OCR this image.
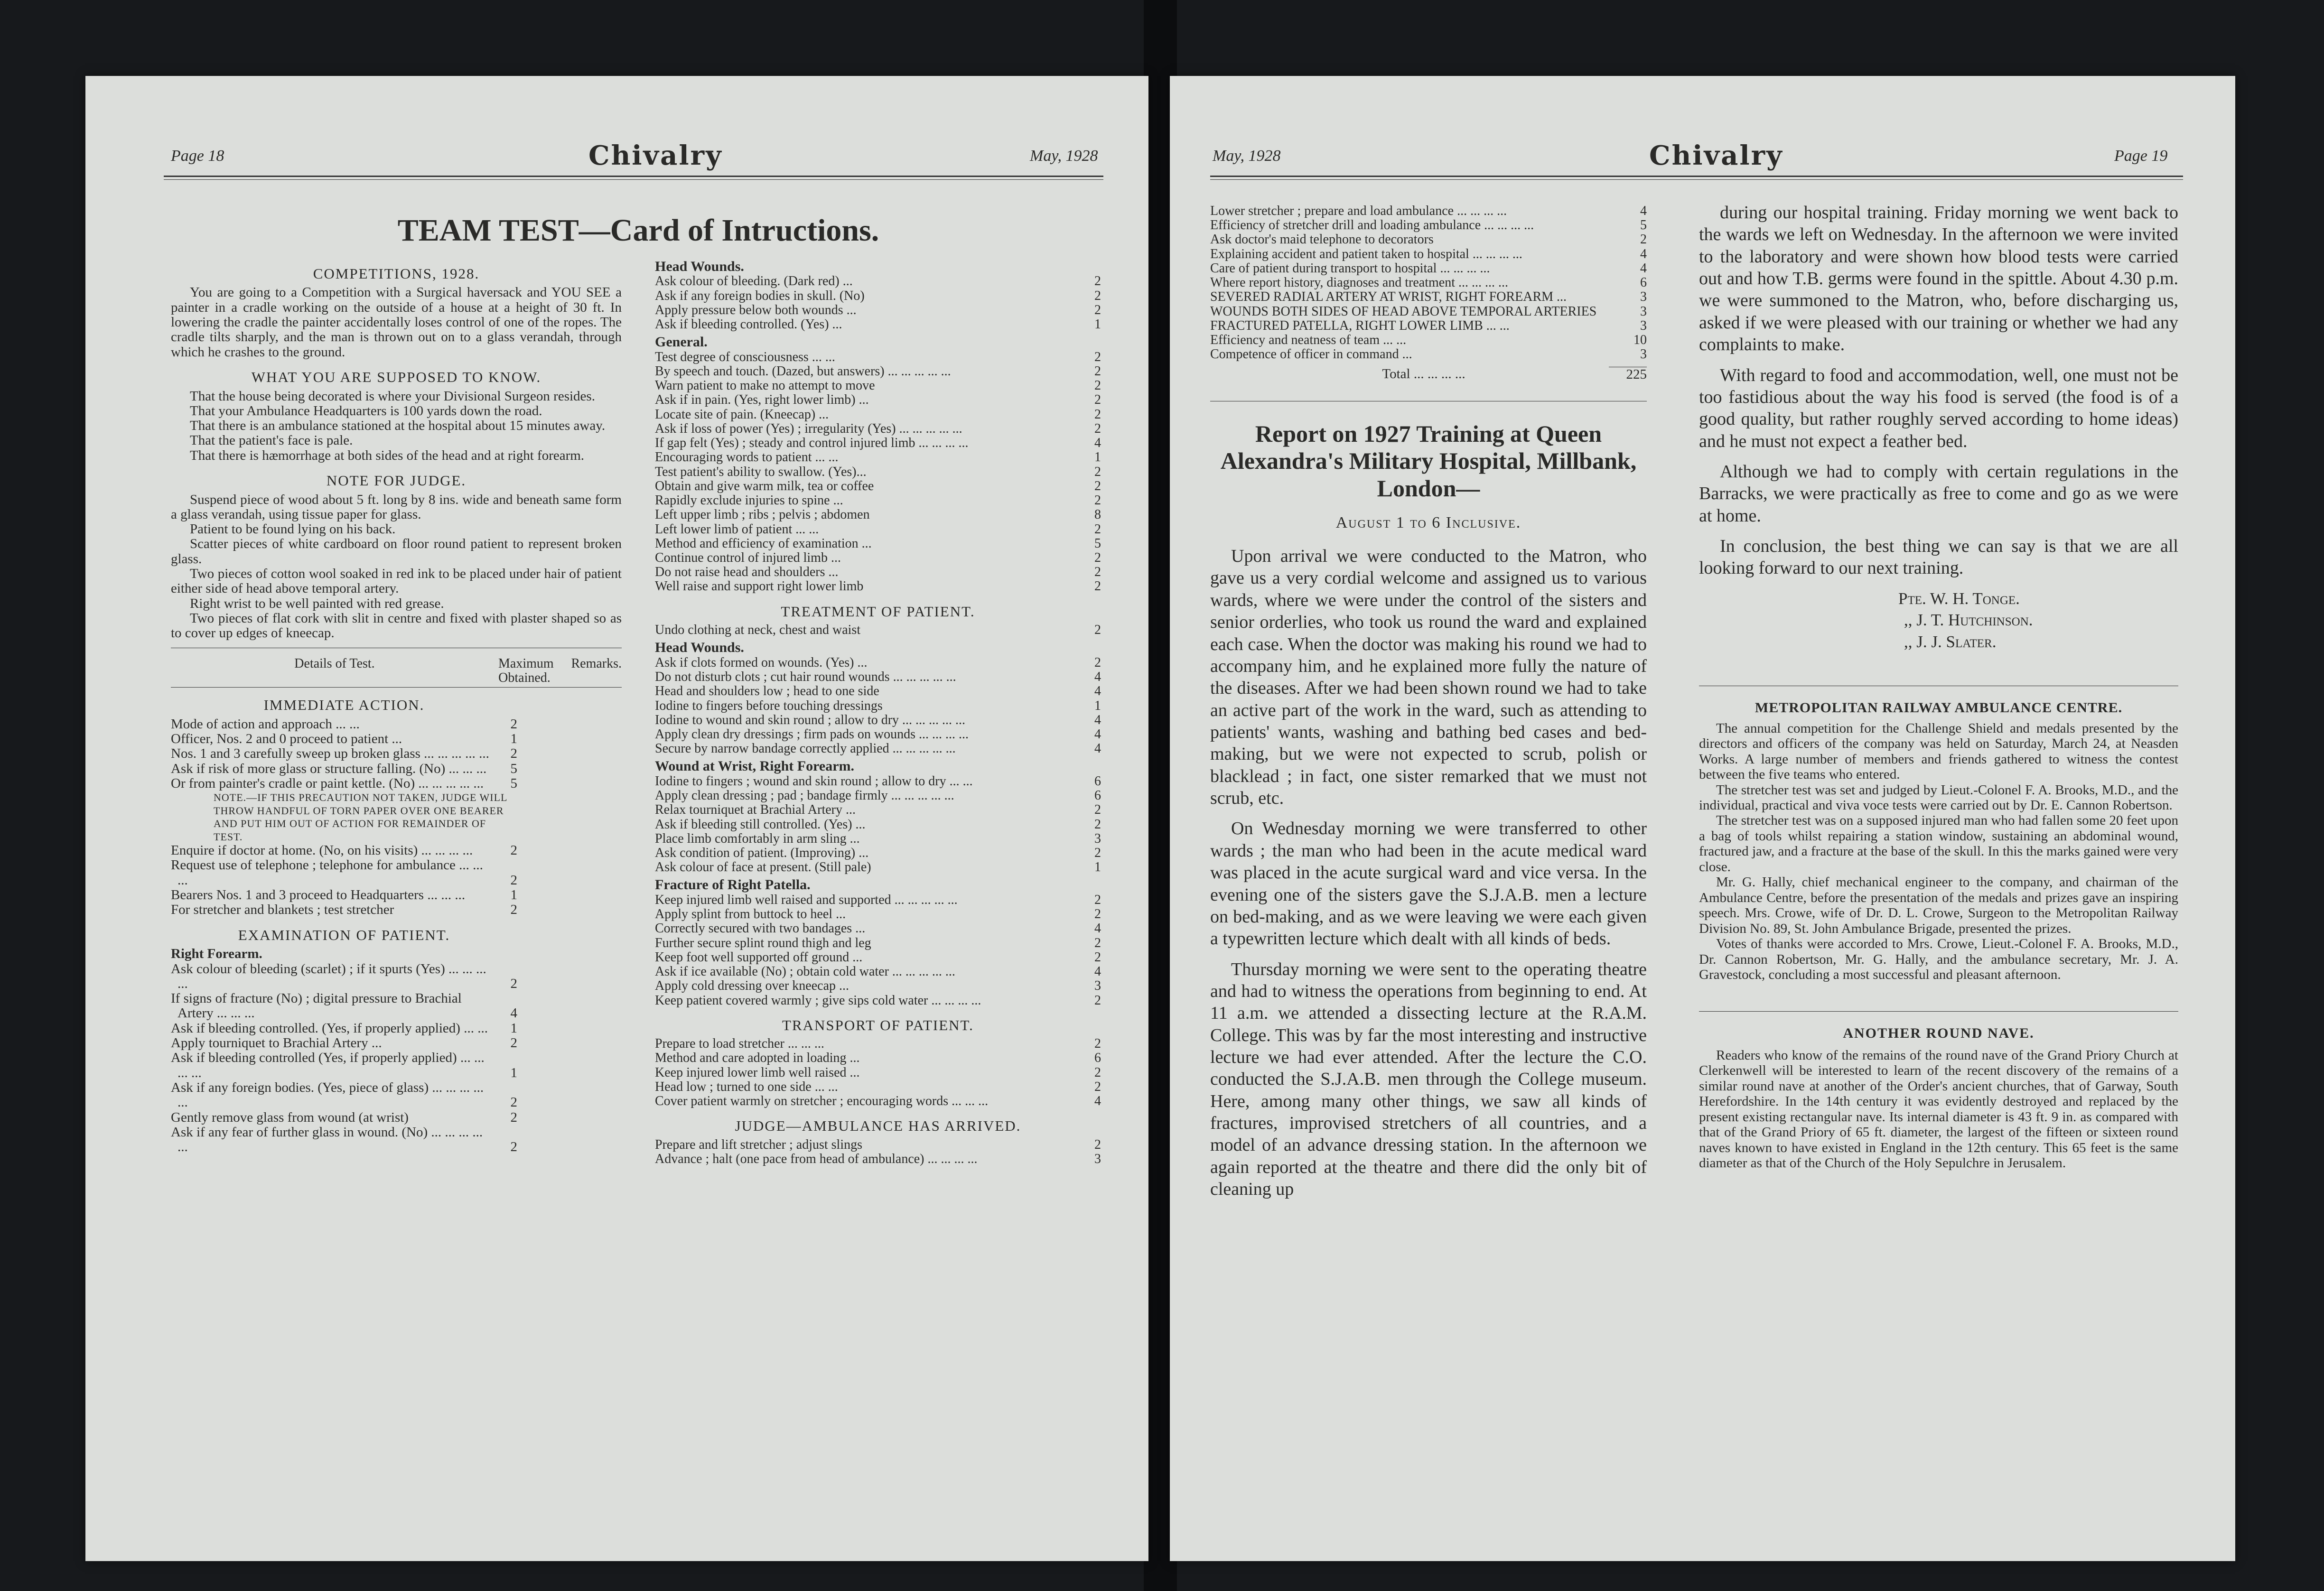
Page 18	Chivalry	May, 1928
TEAM TEST—Card of Intructions.
COMPETITIONS, 1928.

You are going to a Competition with a Surgical haversack and YOU SEE a painter in a cradle working on the outside of a house at a height of 30 ft. In lowering the cradle the painter accidentally loses control of one of the ropes. The cradle tilts sharply, and the man is thrown out on to a glass verandah, through which he crashes to the ground.

WHAT YOU ARE SUPPOSED TO KNOW.

That the house being decorated is where your Divisional Surgeon resides.

That your Ambulance Headquarters is 100 yards down the road.

That there is an ambulance stationed at the hospital about 15 minutes away.

That the patient's face is pale.

That there is hæmorrhage at both sides of the head and at right forearm.

NOTE FOR JUDGE.

Suspend piece of wood about 5 ft. long by 8 ins. wide and beneath same form a glass verandah, using tissue paper for glass.

Patient to be found lying on his back.

Scatter pieces of white cardboard on floor round patient to represent broken glass.

Two pieces of cotton wool soaked in red ink to be placed under hair of patient either side of head above temporal artery.

Right wrist to be well painted with red grease.

Two pieces of flat cork with slit in centre and fixed with plaster shaped so as to cover up edges of kneecap.

Details of Test.	Maximum Obtained.
Remarks.
IMMEDIATE ACTION.
Mode of action and approach ... ...	2
Officer, Nos. 2 and 0 proceed to patient ...	1
Nos. 1 and 3 carefully sweep up broken glass ... ... ... ... ...	2
Ask if risk of more glass or structure falling. (No) ... ... ...	5
Or from painter's cradle or paint kettle. (No) ... ... ... ... ...	5
NOTE.—IF THIS PRECAUTION NOT TAKEN, JUDGE WILL THROW HANDFUL OF TORN PAPER OVER ONE BEARER AND PUT HIM OUT OF ACTION FOR REMAINDER OF TEST.
Enquire if doctor at home. (No, on his visits) ... ... ... ...	2
Request use of telephone ; telephone for ambulance ... ... ...	2
Bearers Nos. 1 and 3 proceed to Headquarters ... ... ...	1
For stretcher and blankets ; test stretcher	2
EXAMINATION OF PATIENT.
Right Forearm.
Ask colour of bleeding (scarlet) ; if it spurts (Yes) ... ... ... ...	2
If signs of fracture (No) ; digital pressure to Brachial Artery ... ... ...	4
Ask if bleeding controlled. (Yes, if properly applied) ... ...	1
Apply tourniquet to Brachial Artery ...	2
Ask if bleeding controlled (Yes, if properly applied) ... ... ... ...	1
Ask if any foreign bodies. (Yes, piece of glass) ... ... ... ... ...	2
Gently remove glass from wound (at wrist)	2
Ask if any fear of further glass in wound. (No) ... ... ... ... ...	2
Head Wounds.
Ask colour of bleeding. (Dark red) ...	2
Ask if any foreign bodies in skull. (No)	2
Apply pressure below both wounds ...	2
Ask if bleeding controlled. (Yes) ...	1
General.
Test degree of consciousness ... ...	2
By speech and touch. (Dazed, but answers) ... ... ... ... ...	2
Warn patient to make no attempt to move	2
Ask if in pain. (Yes, right lower limb) ...	2
Locate site of pain. (Kneecap) ...	2
Ask if loss of power (Yes) ; irregularity (Yes) ... ... ... ... ...	2
If gap felt (Yes) ; steady and control injured limb ... ... ... ...	4
Encouraging words to patient ... ...	1
Test patient's ability to swallow. (Yes)...	2
Obtain and give warm milk, tea or coffee	2
Rapidly exclude injuries to spine ...	2
Left upper limb ; ribs ; pelvis ; abdomen	8
Left lower limb of patient ... ...	2
Method and efficiency of examination ...	5
Continue control of injured limb ...	2
Do not raise head and shoulders ...	2
Well raise and support right lower limb	2
TREATMENT OF PATIENT.
Undo clothing at neck, chest and waist	2
Head Wounds.
Ask if clots formed on wounds. (Yes) ...	2
Do not disturb clots ; cut hair round wounds ... ... ... ... ...	4
Head and shoulders low ; head to one side	4
Iodine to fingers before touching dressings	1
Iodine to wound and skin round ; allow to dry ... ... ... ... ...	4
Apply clean dry dressings ; firm pads on wounds ... ... ... ...	4
Secure by narrow bandage correctly applied ... ... ... ... ...	4
Wound at Wrist, Right Forearm.
Iodine to fingers ; wound and skin round ; allow to dry ... ...	6
Apply clean dressing ; pad ; bandage firmly ... ... ... ... ...	6
Relax tourniquet at Brachial Artery ...	2
Ask if bleeding still controlled. (Yes) ...	2
Place limb comfortably in arm sling ...	3
Ask condition of patient. (Improving) ...	2
Ask colour of face at present. (Still pale)	1
Fracture of Right Patella.
Keep injured limb well raised and supported ... ... ... ... ...	2
Apply splint from buttock to heel ...	2
Correctly secured with two bandages ...	4
Further secure splint round thigh and leg	2
Keep foot well supported off ground ...	2
Ask if ice available (No) ; obtain cold water ... ... ... ... ...	4
Apply cold dressing over kneecap ...	3
Keep patient covered warmly ; give sips cold water ... ... ... ...	2
TRANSPORT OF PATIENT.
Prepare to load stretcher ... ... ...	2
Method and care adopted in loading ...	6
Keep injured lower limb well raised ...	2
Head low ; turned to one side ... ...	2
Cover patient warmly on stretcher ; encouraging words ... ... ...	4
JUDGE—AMBULANCE HAS ARRIVED.
Prepare and lift stretcher ; adjust slings	2
Advance ; halt (one pace from head of ambulance) ... ... ... ...	3
May, 1928	Chivalry	Page 19
Lower stretcher ; prepare and load ambulance ... ... ... ...	4
Efficiency of stretcher drill and loading ambulance ... ... ... ...	5
Ask doctor's maid telephone to decorators	2
Explaining accident and patient taken to hospital ... ... ... ...	4
Care of patient during transport to hospital ... ... ... ...	4
Where report history, diagnoses and treatment ... ... ... ...	6
SEVERED RADIAL ARTERY AT WRIST, RIGHT FOREARM ...	3
WOUNDS BOTH SIDES OF HEAD ABOVE TEMPORAL ARTERIES	3
FRACTURED PATELLA, RIGHT LOWER LIMB ... ...	3
Efficiency and neatness of team ... ...	10
Competence of officer in command ...	3
Total ... ... ... ...	225
Report on 1927 Training at Queen Alexandra's Military Hospital, Millbank, London—
August 1 to 6 Inclusive.

Upon arrival we were conducted to the Matron, who gave us a very cordial welcome and assigned us to various wards, where we were under the control of the sisters and senior orderlies, who took us round the ward and explained each case. When the doctor was making his round we had to accompany him, and he explained more fully the nature of the diseases. After we had been shown round we had to take an active part of the work in the ward, such as attending to patients' wants, washing and bathing bed cases and bed-making, but we were not expected to scrub, polish or blacklead ; in fact, one sister remarked that we must not scrub, etc.

On Wednesday morning we were transferred to other wards ; the man who had been in the acute medical ward was placed in the acute surgical ward and vice versa. In the evening one of the sisters gave the S.J.A.B. men a lecture on bed-making, and as we were leaving we were each given a typewritten lecture which dealt with all kinds of beds.

Thursday morning we were sent to the operating theatre and had to witness the operations from beginning to end. At 11 a.m. we attended a dissecting lecture at the R.A.M. College. This was by far the most interesting and instructive lecture we had ever attended. After the lecture the C.O. conducted the S.J.A.B. men through the College museum. Here, among many other things, we saw all kinds of fractures, improvised stretchers of all countries, and a model of an advance dressing station. In the afternoon we again reported at the theatre and there did the only bit of cleaning up

during our hospital training. Friday morning we went back to the wards we left on Wednesday. In the afternoon we were invited to the laboratory and were shown how blood tests were carried out and how T.B. germs were found in the spittle. About 4.30 p.m. we were summoned to the Matron, who, before discharging us, asked if we were pleased with our training or whether we had any complaints to make.

With regard to food and accommodation, well, one must not be too fastidious about the way his food is served (the food is of a good quality, but rather roughly served according to home ideas) and he must not expect a feather bed.

Although we had to comply with certain regulations in the Barracks, we were practically as free to come and go as we were at home.

In conclusion, the best thing we can say is that we are all looking forward to our next training.

Pte. W. H. Tonge.
,, J. T. Hutchinson.
,, J. J. Slater.
METROPOLITAN RAILWAY AMBULANCE CENTRE.

The annual competition for the Challenge Shield and medals presented by the directors and officers of the company was held on Saturday, March 24, at Neasden Works. A large number of members and friends gathered to witness the contest between the five teams who entered.

The stretcher test was set and judged by Lieut.-Colonel F. A. Brooks, M.D., and the individual, practical and viva voce tests were carried out by Dr. E. Cannon Robertson.

The stretcher test was on a supposed injured man who had fallen some 20 feet upon a bag of tools whilst repairing a station window, sustaining an abdominal wound, fractured jaw, and a fracture at the base of the skull. In this the marks gained were very close.

Mr. G. Hally, chief mechanical engineer to the company, and chairman of the Ambulance Centre, before the presentation of the medals and prizes gave an inspiring speech. Mrs. Crowe, wife of Dr. D. L. Crowe, Surgeon to the Metropolitan Railway Division No. 89, St. John Ambulance Brigade, presented the prizes.

Votes of thanks were accorded to Mrs. Crowe, Lieut.-Colonel F. A. Brooks, M.D., Dr. Cannon Robertson, Mr. G. Hally, and the ambulance secretary, Mr. J. A. Gravestock, concluding a most successful and pleasant afternoon.

ANOTHER ROUND NAVE.

Readers who know of the remains of the round nave of the Grand Priory Church at Clerkenwell will be interested to learn of the recent discovery of the remains of a similar round nave at another of the Order's ancient churches, that of Garway, South Herefordshire. In the 14th century it was evidently destroyed and replaced by the present existing rectangular nave. Its internal diameter is 43 ft. 9 in. as compared with that of the Grand Priory of 65 ft. diameter, the largest of the fifteen or sixteen round naves known to have existed in England in the 12th century. This 65 feet is the same diameter as that of the Church of the Holy Sepulchre in Jerusalem.
